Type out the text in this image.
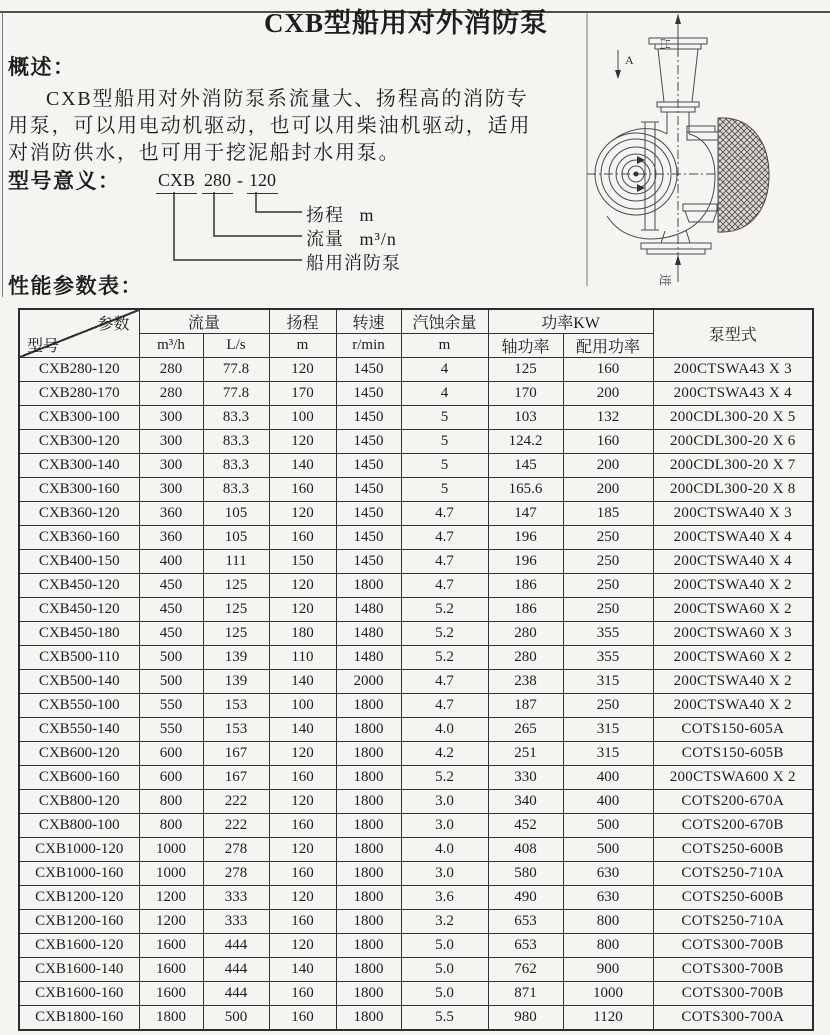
CXB型船用对外消防泵
概述：
CXB型船用对外消防泵系流量大、扬程高的消防专
用泵，可以用电动机驱动，也可以用柴油机驱动，适用
对消防供水，也可用于挖泥船封水用泵。
型号意义： CXB 280 - 120
扬程 m
流量 m³/n
船用消防泵
性能参数表：
出
A
进
参数
型号	流量		扬程	转速	汽蚀余量	功率KW		泵型式
	m³/h	L/s	m	r/min	m	轴功率	配用功率	
CXB280-120	280	77.8	120	1450	4	125	160	200CTSWA43 X 3
CXB280-170	280	77.8	170	1450	4	170	200	200CTSWA43 X 4
CXB300-100	300	83.3	100	1450	5	103	132	200CDL300-20 X 5
CXB300-120	300	83.3	120	1450	5	124.2	160	200CDL300-20 X 6
CXB300-140	300	83.3	140	1450	5	145	200	200CDL300-20 X 7
CXB300-160	300	83.3	160	1450	5	165.6	200	200CDL300-20 X 8
CXB360-120	360	105	120	1450	4.7	147	185	200CTSWA40 X 3
CXB360-160	360	105	160	1450	4.7	196	250	200CTSWA40 X 4
CXB400-150	400	111	150	1450	4.7	196	250	200CTSWA40 X 4
CXB450-120	450	125	120	1800	4.7	186	250	200CTSWA40 X 2
CXB450-120	450	125	120	1480	5.2	186	250	200CTSWA60 X 2
CXB450-180	450	125	180	1480	5.2	280	355	200CTSWA60 X 3
CXB500-110	500	139	110	1480	5.2	280	355	200CTSWA60 X 2
CXB500-140	500	139	140	2000	4.7	238	315	200CTSWA40 X 2
CXB550-100	550	153	100	1800	4.7	187	250	200CTSWA40 X 2
CXB550-140	550	153	140	1800	4.0	265	315	COTS150-605A
CXB600-120	600	167	120	1800	4.2	251	315	COTS150-605B
CXB600-160	600	167	160	1800	5.2	330	400	200CTSWA600 X 2
CXB800-120	800	222	120	1800	3.0	340	400	COTS200-670A
CXB800-100	800	222	160	1800	3.0	452	500	COTS200-670B
CXB1000-120	1000	278	120	1800	4.0	408	500	COTS250-600B
CXB1000-160	1000	278	160	1800	3.0	580	630	COTS250-710A
CXB1200-120	1200	333	120	1800	3.6	490	630	COTS250-600B
CXB1200-160	1200	333	160	1800	3.2	653	800	COTS250-710A
CXB1600-120	1600	444	120	1800	5.0	653	800	COTS300-700B
CXB1600-140	1600	444	140	1800	5.0	762	900	COTS300-700B
CXB1600-160	1600	444	160	1800	5.0	871	1000	COTS300-700B
CXB1800-160	1800	500	160	1800	5.5	980	1120	COTS300-700A
